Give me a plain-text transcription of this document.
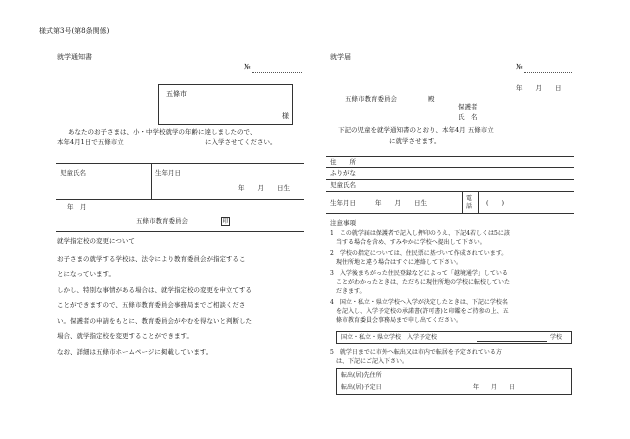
様式第3号(第8条関係)
就学通知書
№
五條市
様
あなたのお子さまは、小・中学校就学の年齢に達しましたので、
本年4月1日で五條市立	に入学させてください。
児童氏名	生年月日
年　　月　　日生
年　月
五條市教育委員会	印
就学指定校の変更について
お子さまの就学する学校は、法令により教育委員会が指定するこ
とになっています。
しかし、特別な事情がある場合は、就学指定校の変更を申立てする
ことができますので、五條市教育委員会事務局までご相談くださ
い。保護者の申請をもとに、教育委員会がやむを得ないと判断した
場合、就学指定校を変更することができます。
なお、詳細は五條市ホームページに掲載しています。
就学届
№
年　　月　　日
五條市教育委員会	殿
保護者
氏　名
下記の児童を就学通知書のとおり、本年4月 五條市立
に就学させます。
住　　所
ふりがな
児童氏名
生年月日	年　　月　　日生
電話 (　　)
注意事項
1　この就学届は保護者で記入し押印のうえ、下記4若しくは5に該
　当する場合を含め、すみやかに学校へ提出して下さい。
2　学校の指定については、住民票に基づいて作成されています。
　現住所地と違う場合はすぐに連絡して下さい。
3　入学後まちがった住民登録などによって「越境通学」している
　ことがわかったときは、ただちに現住所地の学校に転校していた
　だきます。
4　国立・私立・県立学校へ入学が決定したときは、下記に学校名
　を記入し、入学予定校の承諾書(許可書)と印鑑をご持参の上、五
　條市教育委員会事務局まで申し出てください。
国立・私立・県立学校　入学予定校	学校
5　就学日までに市外へ転出又は市内で転居を予定されている方
　は、下記にご記入下さい。
転出(居)先住所
転出(居)予定日	年　　月　　日
